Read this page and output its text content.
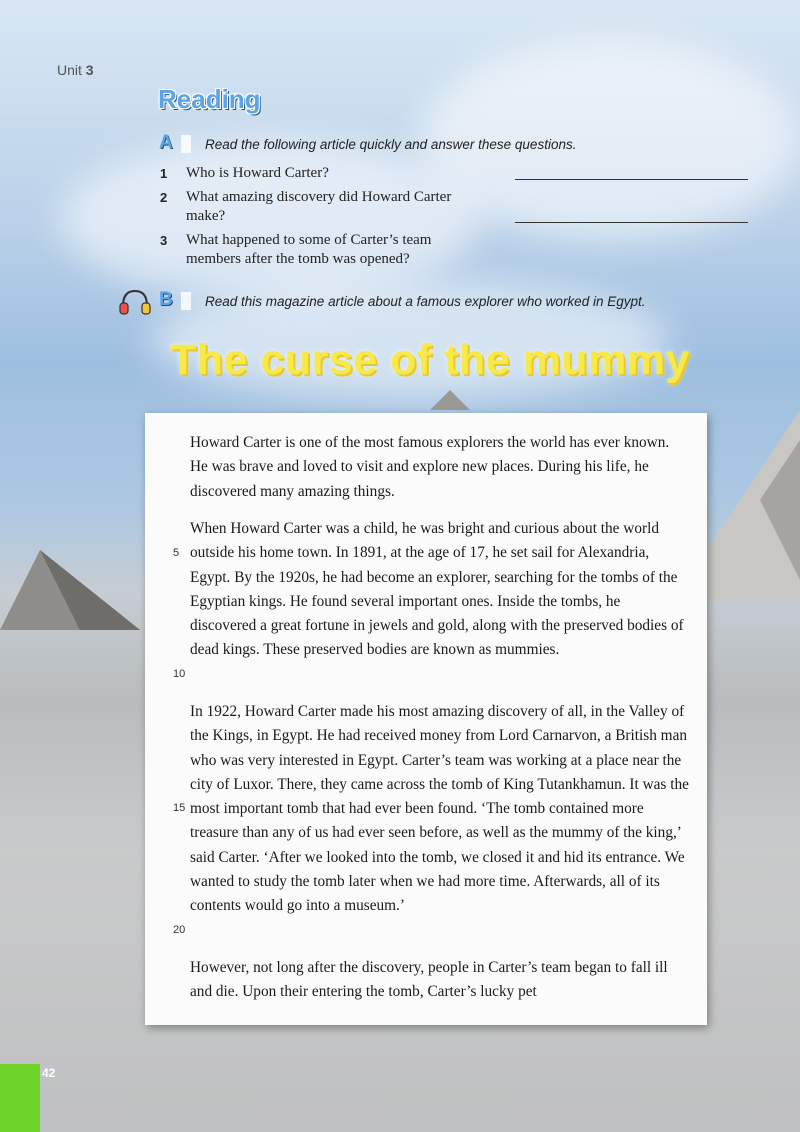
Unit 3
Reading
A	Read the following article quickly and answer these questions.
1 Who is Howard Carter?
2 What amazing discovery did Howard Carter make?
3 What happened to some of Carter’s team members after the tomb was opened?
B	Read this magazine article about a famous explorer who worked in Egypt.
The curse of the mummy

Howard Carter is one of the most famous explorers the world has ever known. He was brave and loved to visit and explore new places. During his life, he discovered many amazing things.

When Howard Carter was a child, he was bright and curious about the world outside his home town. In 1891, at the age of 17, he set sail for Alexandria, Egypt. By the 1920s, he had become an explorer, searching for the tombs of the Egyptian kings. He found several important ones. Inside the tombs, he discovered a great fortune in jewels and gold, along with the preserved bodies of dead kings. These preserved bodies are known as mummies.

In 1922, Howard Carter made his most amazing discovery of all, in the Valley of the Kings, in Egypt. He had received money from Lord Carnarvon, a British man who was very interested in Egypt. Carter’s team was working at a place near the city of Luxor. There, they came across the tomb of King Tutankhamun. It was the most important tomb that had ever been found. ‘The tomb contained more treasure than any of us had ever seen before, as well as the mummy of the king,’ said Carter. ‘After we looked into the tomb, we closed it and hid its entrance. We wanted to study the tomb later when we had more time. Afterwards, all of its contents would go into a museum.’

However, not long after the discovery, people in Carter’s team began to fall ill and die. Upon their entering the tomb, Carter’s lucky pet

5
10
15
20
42
